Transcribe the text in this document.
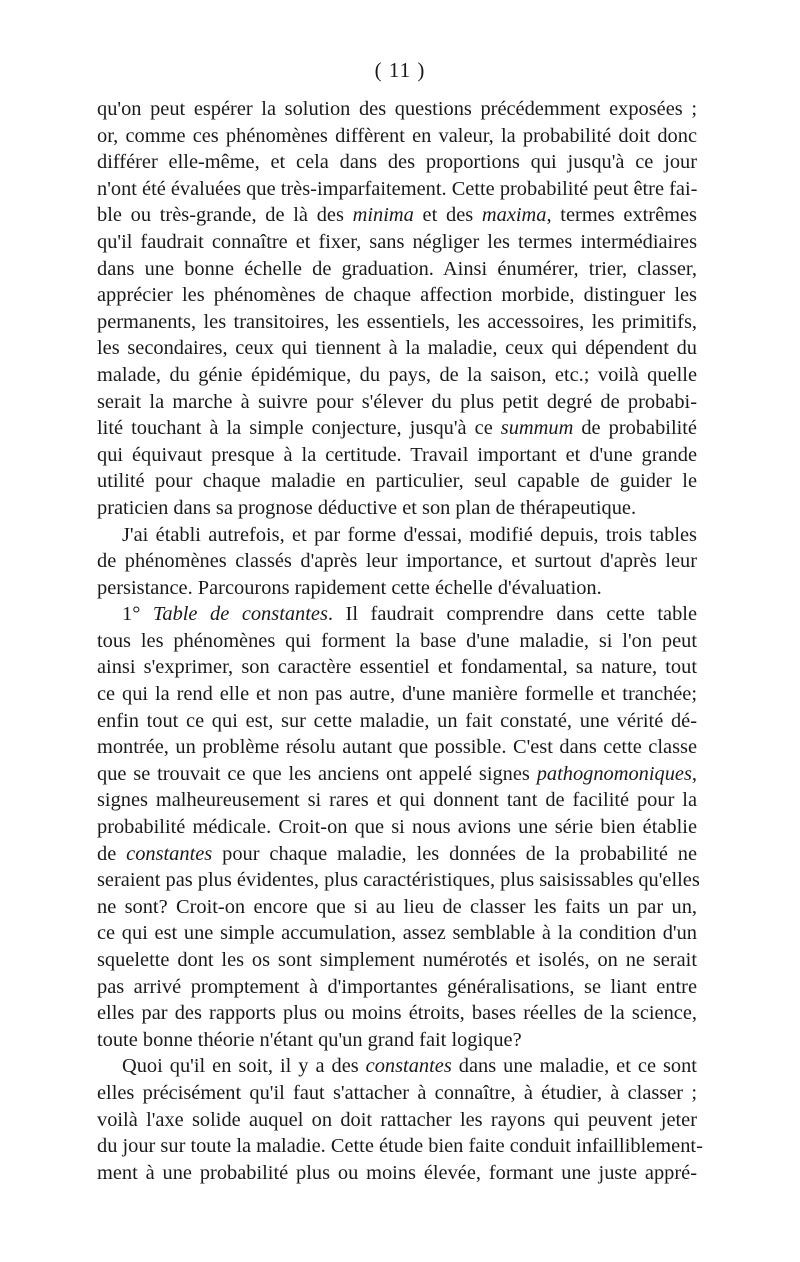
( 11 )
qu'on peut espérer la solution des questions précédemment exposées ;
or, comme ces phénomènes diffèrent en valeur, la probabilité doit donc
différer elle-même, et cela dans des proportions qui jusqu'à ce jour
n'ont été évaluées que très-imparfaitement. Cette probabilité peut être fai-
ble ou très-grande, de là des minima et des maxima, termes extrêmes
qu'il faudrait connaître et fixer, sans négliger les termes intermédiaires
dans une bonne échelle de graduation. Ainsi énumérer, trier, classer,
apprécier les phénomènes de chaque affection morbide, distinguer les
permanents, les transitoires, les essentiels, les accessoires, les primitifs,
les secondaires, ceux qui tiennent à la maladie, ceux qui dépendent du
malade, du génie épidémique, du pays, de la saison, etc.; voilà quelle
serait la marche à suivre pour s'élever du plus petit degré de probabi-
lité touchant à la simple conjecture, jusqu'à ce summum de probabilité
qui équivaut presque à la certitude. Travail important et d'une grande
utilité pour chaque maladie en particulier, seul capable de guider le
praticien dans sa prognose déductive et son plan de thérapeutique.
J'ai établi autrefois, et par forme d'essai, modifié depuis, trois tables
de phénomènes classés d'après leur importance, et surtout d'après leur
persistance. Parcourons rapidement cette échelle d'évaluation.
1° Table de constantes. Il faudrait comprendre dans cette table
tous les phénomènes qui forment la base d'une maladie, si l'on peut
ainsi s'exprimer, son caractère essentiel et fondamental, sa nature, tout
ce qui la rend elle et non pas autre, d'une manière formelle et tranchée;
enfin tout ce qui est, sur cette maladie, un fait constaté, une vérité dé-
montrée, un problème résolu autant que possible. C'est dans cette classe
que se trouvait ce que les anciens ont appelé signes pathognomoniques,
signes malheureusement si rares et qui donnent tant de facilité pour la
probabilité médicale. Croit-on que si nous avions une série bien établie
de constantes pour chaque maladie, les données de la probabilité ne
seraient pas plus évidentes, plus caractéristiques, plus saisissables qu'elles
ne sont? Croit-on encore que si au lieu de classer les faits un par un,
ce qui est une simple accumulation, assez semblable à la condition d'un
squelette dont les os sont simplement numérotés et isolés, on ne serait
pas arrivé promptement à d'importantes généralisations, se liant entre
elles par des rapports plus ou moins étroits, bases réelles de la science,
toute bonne théorie n'étant qu'un grand fait logique?
Quoi qu'il en soit, il y a des constantes dans une maladie, et ce sont
elles précisément qu'il faut s'attacher à connaître, à étudier, à classer ;
voilà l'axe solide auquel on doit rattacher les rayons qui peuvent jeter
du jour sur toute la maladie. Cette étude bien faite conduit infailliblement-
ment à une probabilité plus ou moins élevée, formant une juste appré-
